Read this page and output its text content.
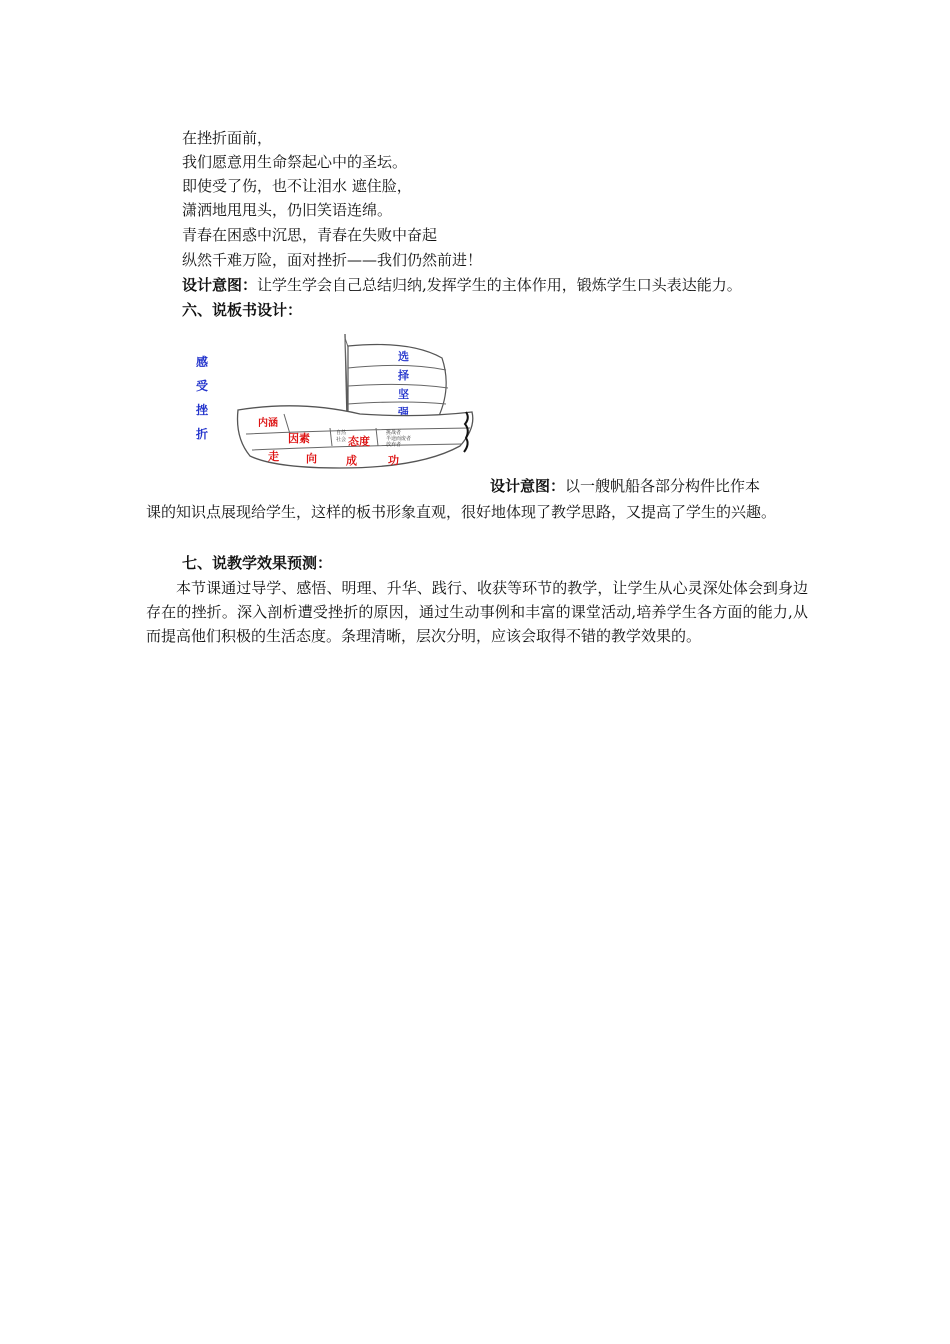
在挫折面前，
我们愿意用生命祭起心中的圣坛。
即使受了伤，也不让泪水 遮住脸，
潇洒地甩甩头，仍旧笑语连绵。
青春在困惑中沉思，青春在失败中奋起
纵然千难万险，面对挫折——我们仍然前进！
设计意图：让学生学会自己总结归纳,发挥学生的主体作用，锻炼学生口头表达能力。
六、说板书设计：
选
择
坚
强
感
受
挫
折
内涵
因素	自然
社会 态度
挑战者
半途而废者
放弃者
走 向	成	功
设计意图：以一艘帆船各部分构件比作本
课的知识点展现给学生，这样的板书形象直观，很好地体现了教学思路，又提高了学生的兴趣。
七、说教学效果预测：
本节课通过导学、感悟、明理、升华、践行、收获等环节的教学，让学生从心灵深处体会到身边存在的挫折。深入剖析遭受挫折的原因，通过生动事例和丰富的课堂活动,培养学生各方面的能力,从而提高他们积极的生活态度。条理清晰，层次分明，应该会取得不错的教学效果的。
